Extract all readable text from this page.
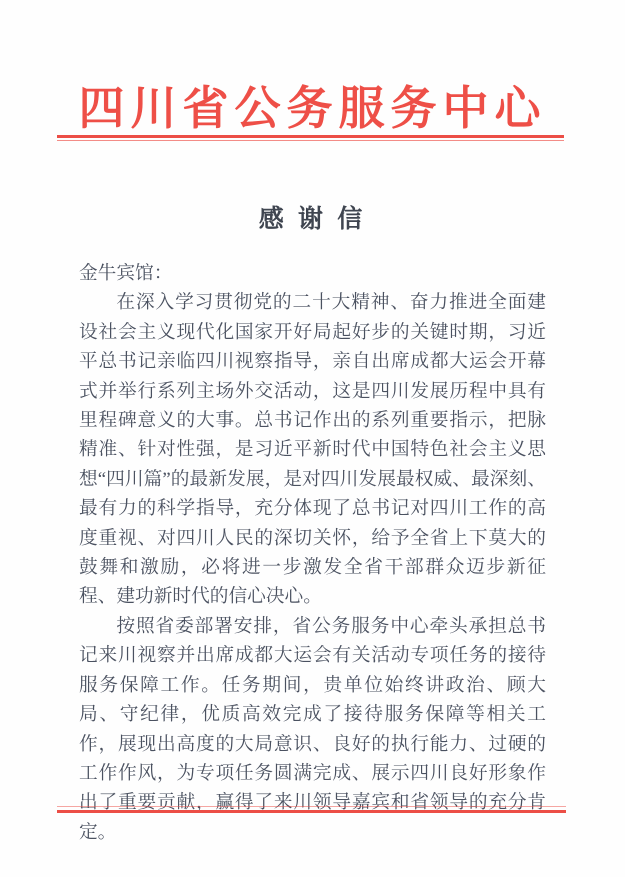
四川省公务服务中心
感 谢 信

金牛宾馆：

在深入学习贯彻党的二十大精神、奋力推进全面建设社会主义现代化国家开好局起好步的关键时期，习近平总书记亲临四川视察指导，亲自出席成都大运会开幕式并举行系列主场外交活动，这是四川发展历程中具有里程碑意义的大事。总书记作出的系列重要指示，把脉精准、针对性强，是习近平新时代中国特色社会主义思想“四川篇”的最新发展，是对四川发展最权威、最深刻、最有力的科学指导，充分体现了总书记对四川工作的高度重视、对四川人民的深切关怀，给予全省上下莫大的鼓舞和激励，必将进一步激发全省干部群众迈步新征程、建功新时代的信心决心。

按照省委部署安排，省公务服务中心牵头承担总书记来川视察并出席成都大运会有关活动专项任务的接待服务保障工作。任务期间，贵单位始终讲政治、顾大局、守纪律，优质高效完成了接待服务保障等相关工作，展现出高度的大局意识、良好的执行能力、过硬的工作作风，为专项任务圆满完成、展示四川良好形象作出了重要贡献，赢得了来川领导嘉宾和省领导的充分肯定。
